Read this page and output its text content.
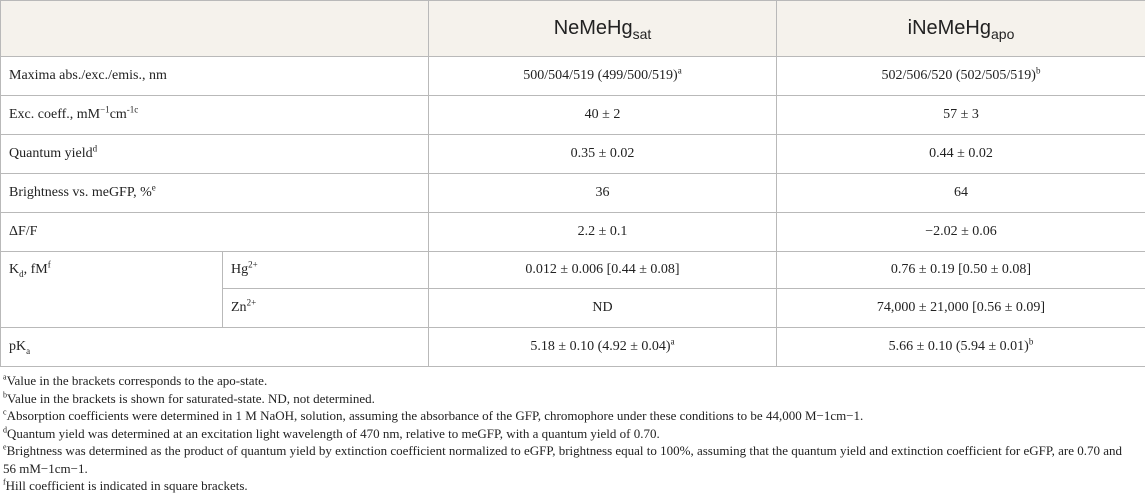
		NeMeHg$_{sat}$	iNeMeHg$_{apo}$
Maxima abs./exc./emis., nm		500/504/519 $(499/500/519)^a$	502/506/520 $(502/505/519)^b$
Exc. coeff., $mM^{-1}cm^{-1c}$		40 ± 2	57 ± 3
Quantum yield$^d$		0.35 ± 0.02	0.44 ± 0.02
Brightness vs. meGFP, %$^e$		36	64
ΔF/F		2.2 ± 0.1	−2.02 ± 0.06
$K_d$, $fM^f$	$Hg^{2+}$	0.012 ± 0.006 [0.44 ± 0.08]	0.76 ± 0.19 [0.50 ± 0.08]
	$Zn^{2+}$	ND	74,000 ± 21,000 [0.56 ± 0.09]
$pK_a$		5.18 ± 0.10 $(4.92 \pm 0.04)^a$	5.66 ± 0.10 $(5.94 \pm 0.01)^b$
$^a$Value in the brackets corresponds to the apo-state.
$^b$Value in the brackets is shown for saturated-state. ND, not determined.
$^c$Absorption coefficients were determined in 1 M NaOH, solution, assuming the absorbance of the GFP, chromophore under these conditions to be 44,000 M−1cm−1.
$^d$Quantum yield was determined at an excitation light wavelength of 470 nm, relative to meGFP, with a quantum yield of 0.70.
$^e$Brightness was determined as the product of quantum yield by extinction coefficient normalized to eGFP, brightness equal to 100%, assuming that the quantum yield and extinction coefficient for eGFP, are 0.70 and 56 mM−1cm−1.
$^f$Hill coefficient is indicated in square brackets.
